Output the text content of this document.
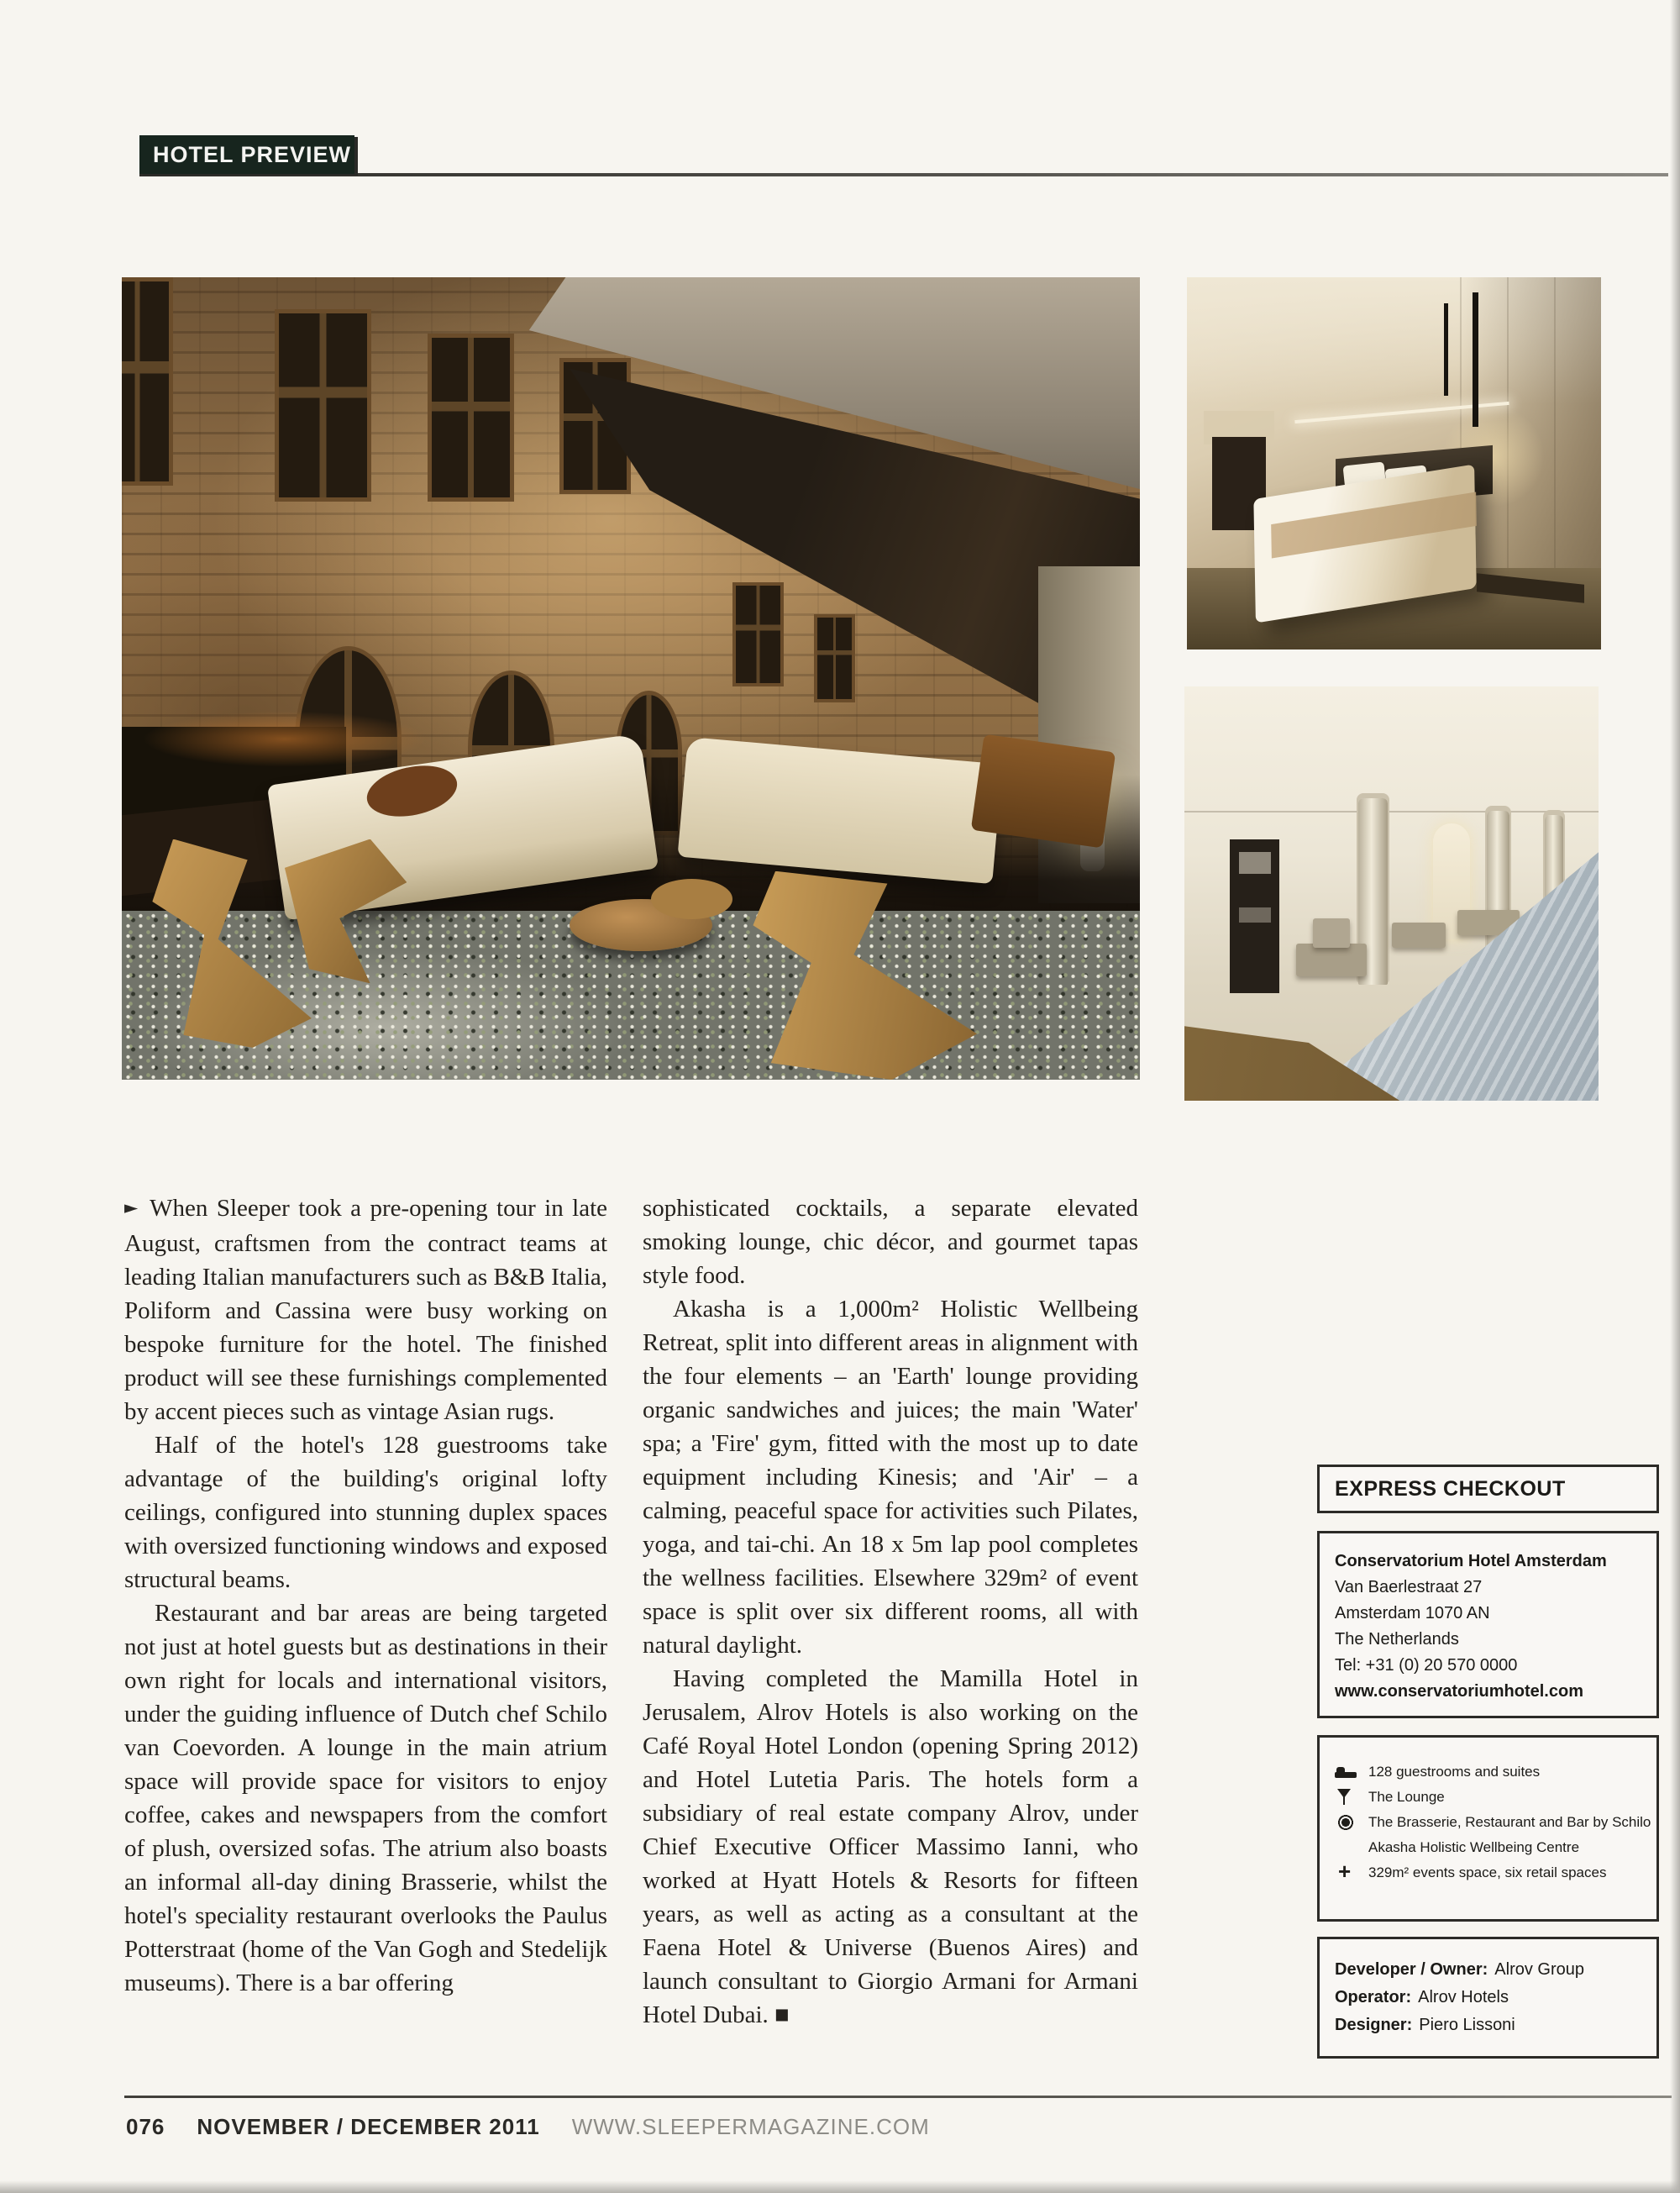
HOTEL PREVIEW

► When Sleeper took a pre-opening tour in late August, craftsmen from the contract teams at leading Italian manufacturers such as B&B Italia, Poliform and Cassina were busy working on bespoke furniture for the hotel. The finished product will see these furnishings complemented by accent pieces such as vintage Asian rugs.

Half of the hotel's 128 guestrooms take advantage of the building's original lofty ceilings, configured into stunning duplex spaces with oversized functioning windows and exposed structural beams.

Restaurant and bar areas are being targeted not just at hotel guests but as destinations in their own right for locals and international visitors, under the guiding influence of Dutch chef Schilo van Coevorden. A lounge in the main atrium space will provide space for visitors to enjoy coffee, cakes and newspapers from the comfort of plush, oversized sofas. The atrium also boasts an informal all-day dining Brasserie, whilst the hotel's speciality restaurant overlooks the Paulus Potterstraat (home of the Van Gogh and Stedelijk museums). There is a bar offering

sophisticated cocktails, a separate elevated smoking lounge, chic décor, and gourmet tapas style food.

Akasha is a 1,000m² Holistic Wellbeing Retreat, split into different areas in alignment with the four elements – an 'Earth' lounge providing organic sandwiches and juices; the main 'Water' spa; a 'Fire' gym, fitted with the most up to date equipment including Kinesis; and 'Air' – a calming, peaceful space for activities such Pilates, yoga, and tai-chi. An 18 x 5m lap pool completes the wellness facilities. Elsewhere 329m² of event space is split over six different rooms, all with natural daylight.

Having completed the Mamilla Hotel in Jerusalem, Alrov Hotels is also working on the Café Royal Hotel London (opening Spring 2012) and Hotel Lutetia Paris. The hotels form a subsidiary of real estate company Alrov, under Chief Executive Officer Massimo Ianni, who worked at Hyatt Hotels & Resorts for fifteen years, as well as acting as a consultant at the Faena Hotel & Universe (Buenos Aires) and launch consultant to Giorgio Armani for Armani Hotel Dubai. ■

EXPRESS CHECKOUT
Conservatorium Hotel Amsterdam
Van Baerlestraat 27
Amsterdam 1070 AN
The Netherlands
Tel: +31 (0) 20 570 0000
www.conservatoriumhotel.com
128 guestrooms and suites
The Lounge
The Brasserie, Restaurant and Bar by Schilo
Akasha Holistic Wellbeing Centre
+
329m² events space, six retail spaces
Developer / Owner: Alrov Group
Operator: Alrov Hotels
Designer: Piero Lissoni
076 NOVEMBER / DECEMBER 2011 WWW.SLEEPERMAGAZINE.COM
